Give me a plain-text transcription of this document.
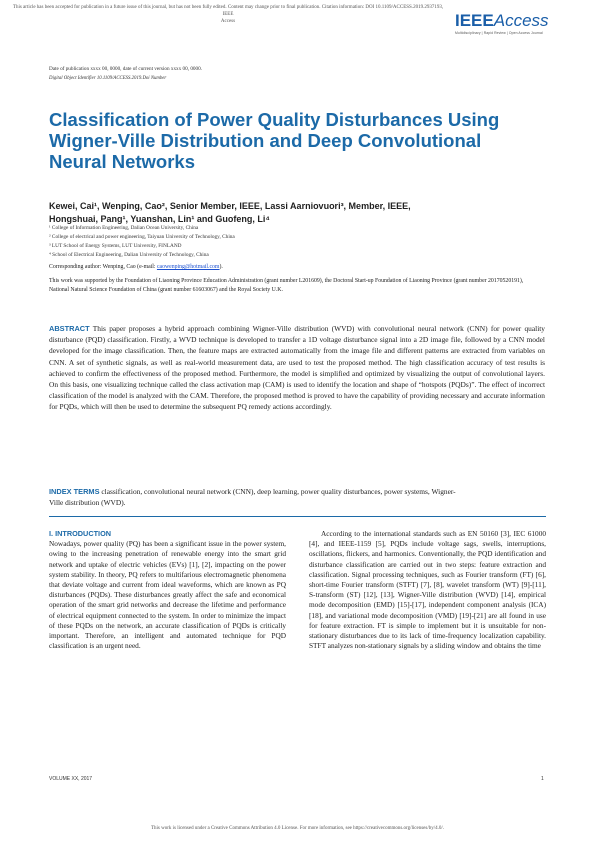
This article has been accepted for publication in a future issue of this journal, but has not been fully edited. Content may change prior to final publication. Citation information: DOI 10.1109/ACCESS.2019.2937193, IEEE
Access	IEEEAccess
Multidisciplinary | Rapid Review | Open Access Journal
Date of publication xxxx 00, 0000, date of current version xxxx 00, 0000.
Digital Object Identifier 10.1109/ACCESS.2019.Doi Number
Classification of Power Quality Disturbances Using Wigner-Ville Distribution and Deep Convolutional Neural Networks
Kewei, Cai¹, Wenping, Cao², Senior Member, IEEE, Lassi Aarniovuori³, Member, IEEE,
Hongshuai, Pang¹, Yuanshan, Lin¹ and Guofeng, Li⁴
¹ College of Information Engineering, Dalian Ocean University, China
² College of electrical and power engineering, Taiyuan University of Technology, China
³ LUT School of Energy Systems, LUT University, FINLAND
⁴ School of Electrical Engineering, Dalian University of Technology, China
Corresponding author: Wenping, Cao (e-mail: caowenping@hotmail.com).
This work was supported by the Foundation of Liaoning Province Education Administration (grant number L201609), the Doctoral Start-up Foundation of Liaoning Province (grant number 20170520191), National Natural Science Foundation of China (grant number 61603067) and the Royal Society U.K.
ABSTRACT This paper proposes a hybrid approach combining Wigner-Ville distribution (WVD) with convolutional neural network (CNN) for power quality disturbance (PQD) classification. Firstly, a WVD technique is developed to transfer a 1D voltage disturbance signal into a 2D image file, followed by a CNN model developed for the image classification. Then, the feature maps are extracted automatically from the image file and different patterns are extracted from variables on CNN. A set of synthetic signals, as well as real-world measurement data, are used to test the proposed method. The high classification accuracy of test results is achieved to confirm the effectiveness of the proposed method. Furthermore, the model is simplified and optimized by visualizing the output of convolutional layers. On this basis, one visualizing technique called the class activation map (CAM) is used to identify the location and shape of “hotspots (PQDs)”. The effect of incorrect classification of the model is analyzed with the CAM. Therefore, the proposed method is proved to have the capability of providing necessary and accurate information for PQDs, which will then be used to determine the subsequent PQ remedy actions accordingly.
INDEX TERMS classification, convolutional neural network (CNN), deep learning, power quality disturbances, power systems, Wigner-Ville distribution (WVD).
I. INTRODUCTION

Nowadays, power quality (PQ) has been a significant issue in the power system, owing to the increasing penetration of renewable energy into the smart grid network and uptake of electric vehicles (EVs) [1], [2], impacting on the power system stability. In theory, PQ refers to multifarious electromagnetic phenomena that deviate voltage and current from ideal waveforms, which are known as PQ disturbances (PQDs). These disturbances greatly affect the safe and economical operation of the smart grid networks and decrease the lifetime and performance of electrical equipment connected to the system. In order to minimize the impact of these PQDs on the network, an accurate classification of PQDs is critically important. Therefore, an intelligent and automated technique for PQD classification is an urgent need.

According to the international standards such as EN 50160 [3], IEC 61000 [4], and IEEE-1159 [5], PQDs include voltage sags, swells, interruptions, oscillations, flickers, and harmonics. Conventionally, the PQD identification and disturbance classification are carried out in two steps: feature extraction and classification. Signal processing techniques, such as Fourier transform (FT) [6], short-time Fourier transform (STFT) [7], [8], wavelet transform (WT) [9]-[11], S-transform (ST) [12], [13], Wigner-Ville distribution (WVD) [14], empirical mode decomposition (EMD) [15]-[17], independent component analysis (ICA) [18], and variational mode decomposition (VMD) [19]-[21] are all found in use for feature extraction. FT is simple to implement but it is unsuitable for non-stationary disturbances due to its lack of time-frequency localization capability. STFT analyzes non-stationary signals by a sliding window and obtains the time

VOLUME XX, 2017	1
This work is licensed under a Creative Commons Attribution 4.0 License. For more information, see https://creativecommons.org/licenses/by/4.0/.
